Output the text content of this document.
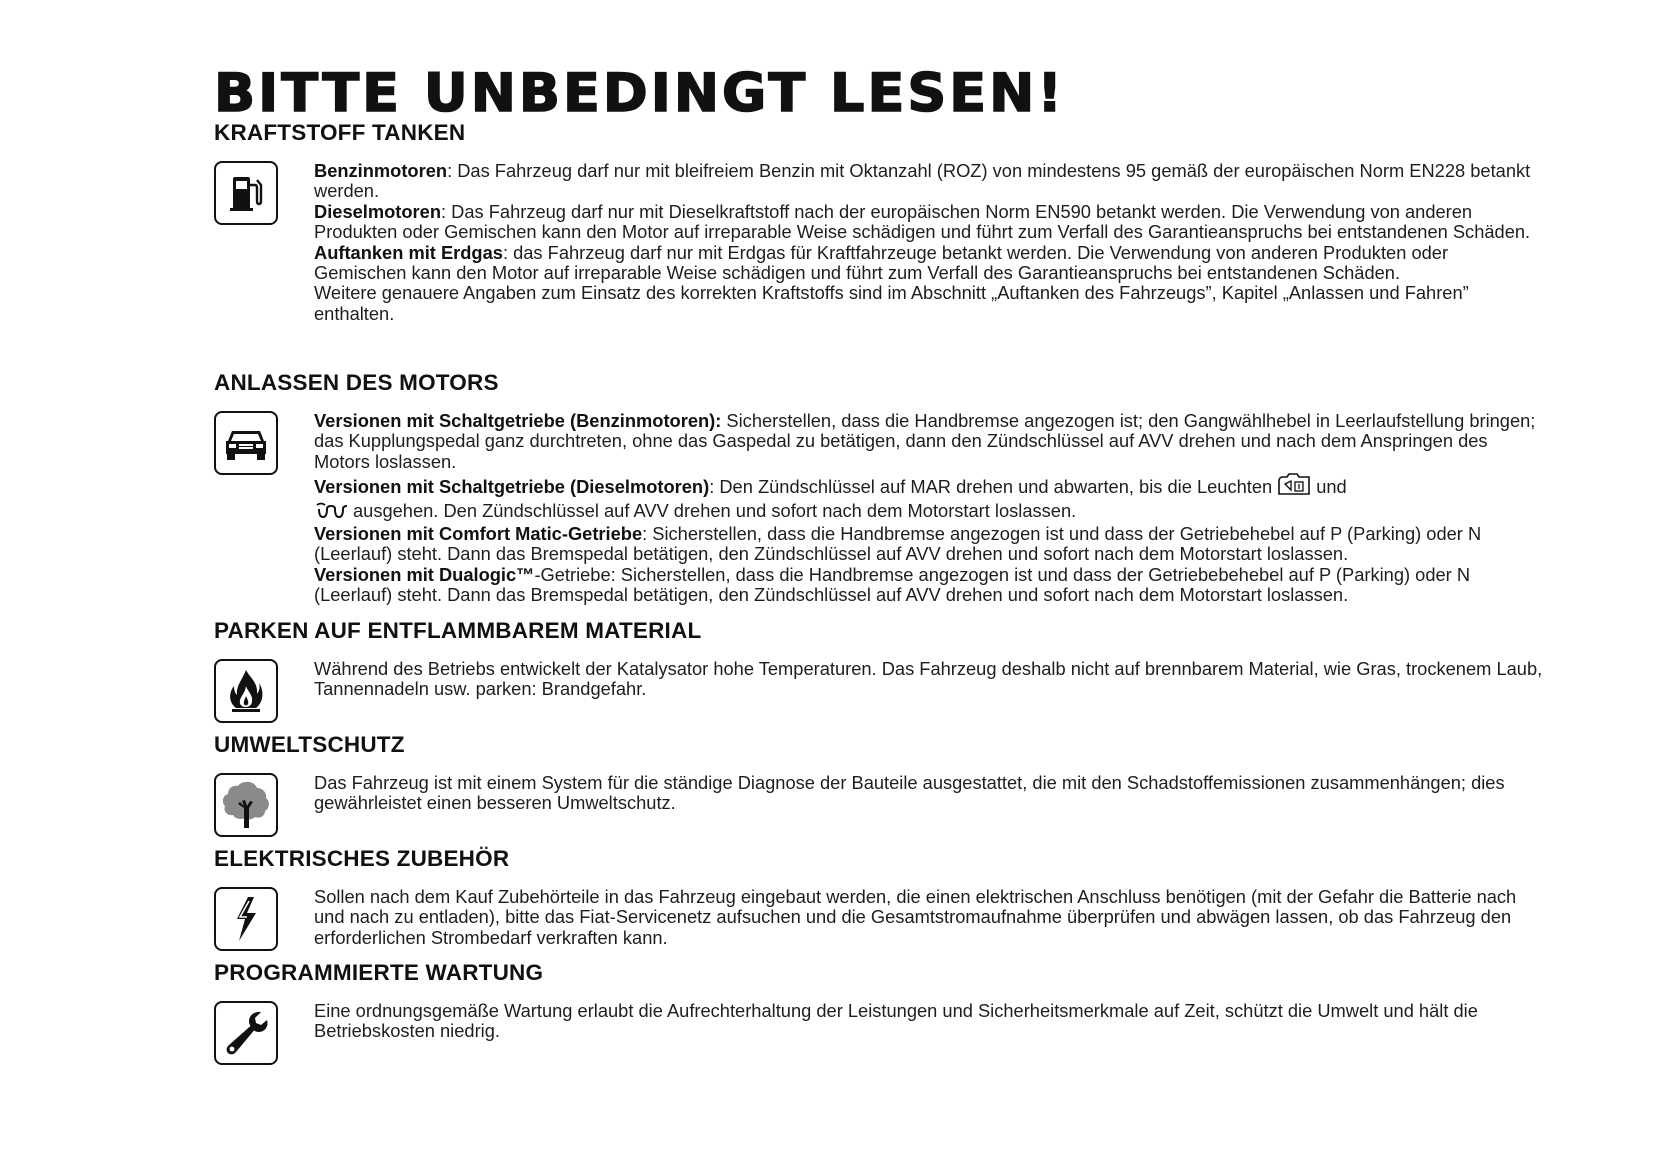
BITTE UNBEDINGT LESEN!
KRAFTSTOFF TANKEN

Benzinmotoren: Das Fahrzeug darf nur mit bleifreiem Benzin mit Oktanzahl (ROZ) von mindestens 95 gemäß der europäischen Norm EN228 betankt werden.

Dieselmotoren: Das Fahrzeug darf nur mit Dieselkraftstoff nach der europäischen Norm EN590 betankt werden. Die Verwendung von anderen Produkten oder Gemischen kann den Motor auf irreparable Weise schädigen und führt zum Verfall des Garantieanspruchs bei entstandenen Schäden.

Auftanken mit Erdgas: das Fahrzeug darf nur mit Erdgas für Kraftfahrzeuge betankt werden. Die Verwendung von anderen Produkten oder Gemischen kann den Motor auf irreparable Weise schädigen und führt zum Verfall des Garantieanspruchs bei entstandenen Schäden.

Weitere genauere Angaben zum Einsatz des korrekten Kraftstoffs sind im Abschnitt „Auftanken des Fahrzeugs”, Kapitel „Anlassen und Fahren” enthalten.

ANLASSEN DES MOTORS

Versionen mit Schaltgetriebe (Benzinmotoren): Sicherstellen, dass die Handbremse angezogen ist; den Gangwählhebel in Leerlaufstellung bringen; das Kupplungspedal ganz durchtreten, ohne das Gaspedal zu betätigen, dann den Zündschlüssel auf AVV drehen und nach dem Anspringen des Motors loslassen.

Versionen mit Schaltgetriebe (Dieselmotoren): Den Zündschlüssel auf MAR drehen und abwarten, bis die Leuchten und
ausgehen. Den Zündschlüssel auf AVV drehen und sofort nach dem Motorstart loslassen.

Versionen mit Comfort Matic-Getriebe: Sicherstellen, dass die Handbremse angezogen ist und dass der Getriebehebel auf P (Parking) oder N (Leerlauf) steht. Dann das Bremspedal betätigen, den Zündschlüssel auf AVV drehen und sofort nach dem Motorstart loslassen.

Versionen mit Dualogic™-Getriebe: Sicherstellen, dass die Handbremse angezogen ist und dass der Getriebebehebel auf P (Parking) oder N (Leerlauf) steht. Dann das Bremspedal betätigen, den Zündschlüssel auf AVV drehen und sofort nach dem Motorstart loslassen.

PARKEN AUF ENTFLAMMBAREM MATERIAL

Während des Betriebs entwickelt der Katalysator hohe Temperaturen. Das Fahrzeug deshalb nicht auf brennbarem Material, wie Gras, trockenem Laub, Tannennadeln usw. parken: Brandgefahr.

UMWELTSCHUTZ

Das Fahrzeug ist mit einem System für die ständige Diagnose der Bauteile ausgestattet, die mit den Schadstoffemissionen zusammenhängen; dies gewährleistet einen besseren Umweltschutz.

ELEKTRISCHES ZUBEHÖR

Sollen nach dem Kauf Zubehörteile in das Fahrzeug eingebaut werden, die einen elektrischen Anschluss benötigen (mit der Gefahr die Batterie nach und nach zu entladen), bitte das Fiat-Servicenetz aufsuchen und die Gesamtstromaufnahme überprüfen und abwägen lassen, ob das Fahrzeug den erforderlichen Strombedarf verkraften kann.

PROGRAMMIERTE WARTUNG

Eine ordnungsgemäße Wartung erlaubt die Aufrechterhaltung der Leistungen und Sicherheitsmerkmale auf Zeit, schützt die Umwelt und hält die Betriebskosten niedrig.
